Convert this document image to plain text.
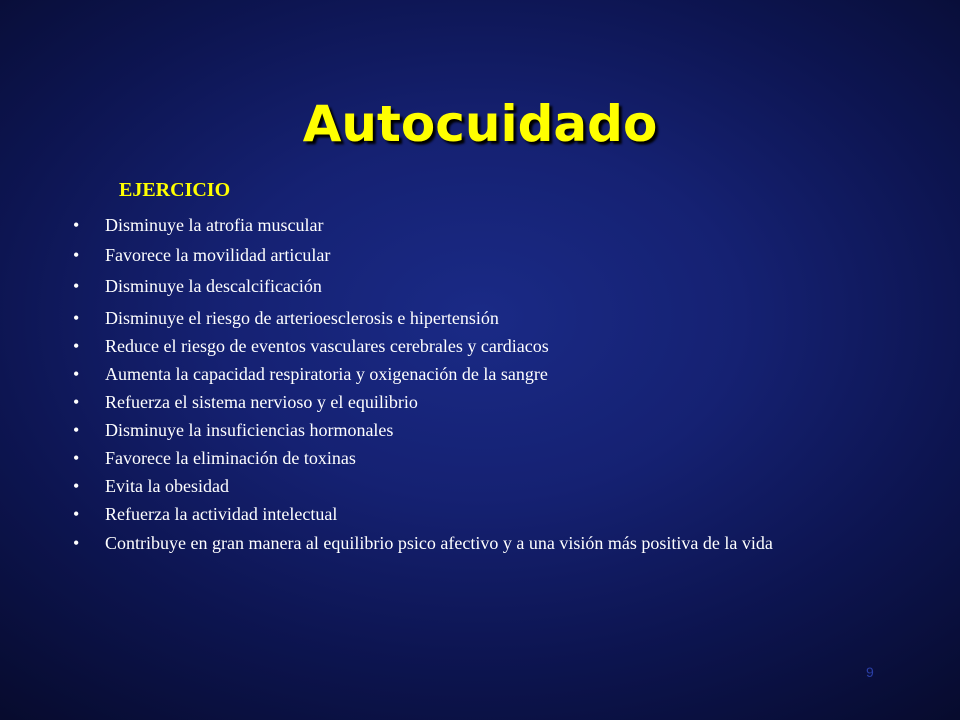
Autocuidado
EJERCICIO
• Disminuye la atrofia muscular
• Favorece la movilidad articular
• Disminuye la descalcificación
• Disminuye el riesgo de arterioesclerosis e hipertensión
• Reduce el riesgo de eventos vasculares cerebrales y cardiacos
• Aumenta la capacidad respiratoria y oxigenación de la sangre
• Refuerza el sistema nervioso y el equilibrio
• Disminuye la insuficiencias hormonales
• Favorece la eliminación de toxinas
• Evita la obesidad
• Refuerza la actividad intelectual
• Contribuye en gran manera al equilibrio psico afectivo y a una visión más positiva de la vida
9
